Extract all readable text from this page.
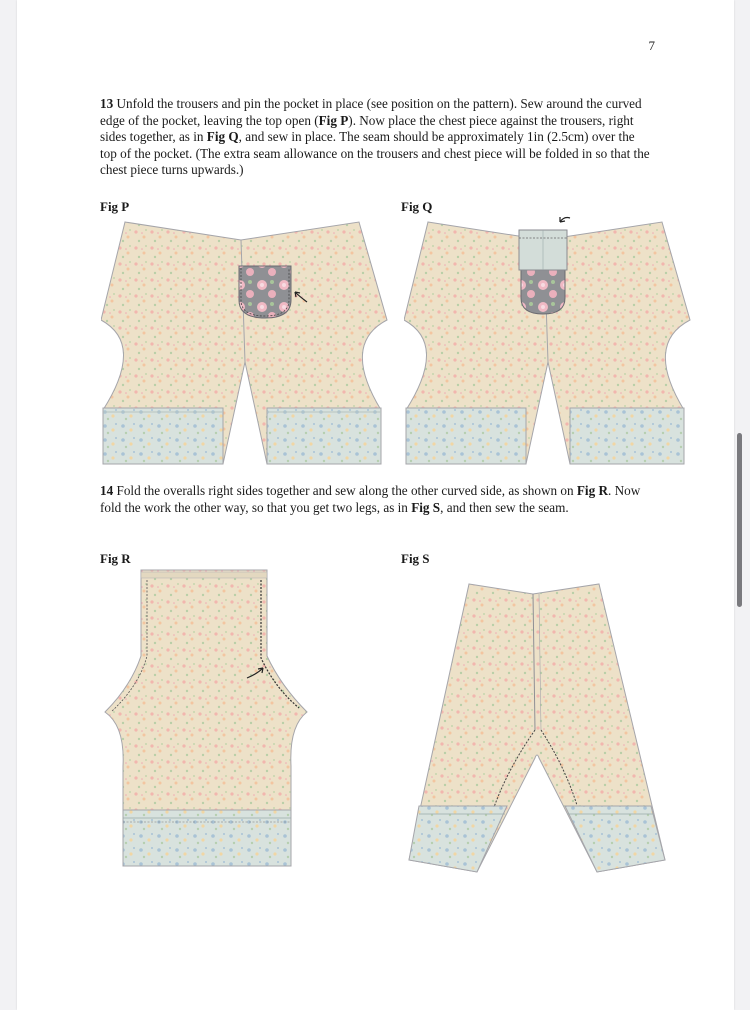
7

13 Unfold the trousers and pin the pocket in place (see position on the pattern). Sew around the curved edge of the pocket, leaving the top open (Fig P). Now place the chest piece against the trousers, right sides together, as in Fig Q, and sew in place. The seam should be approximately 1in (2.5cm) over the top of the pocket. (The extra seam allowance on the trousers and chest piece will be folded in so that the chest piece turns upwards.)

Fig P	Fig Q

14 Fold the overalls right sides together and sew along the other curved side, as shown on Fig R. Now fold the work the other way, so that you get two legs, as in Fig S, and then sew the seam.

Fig R	Fig S
